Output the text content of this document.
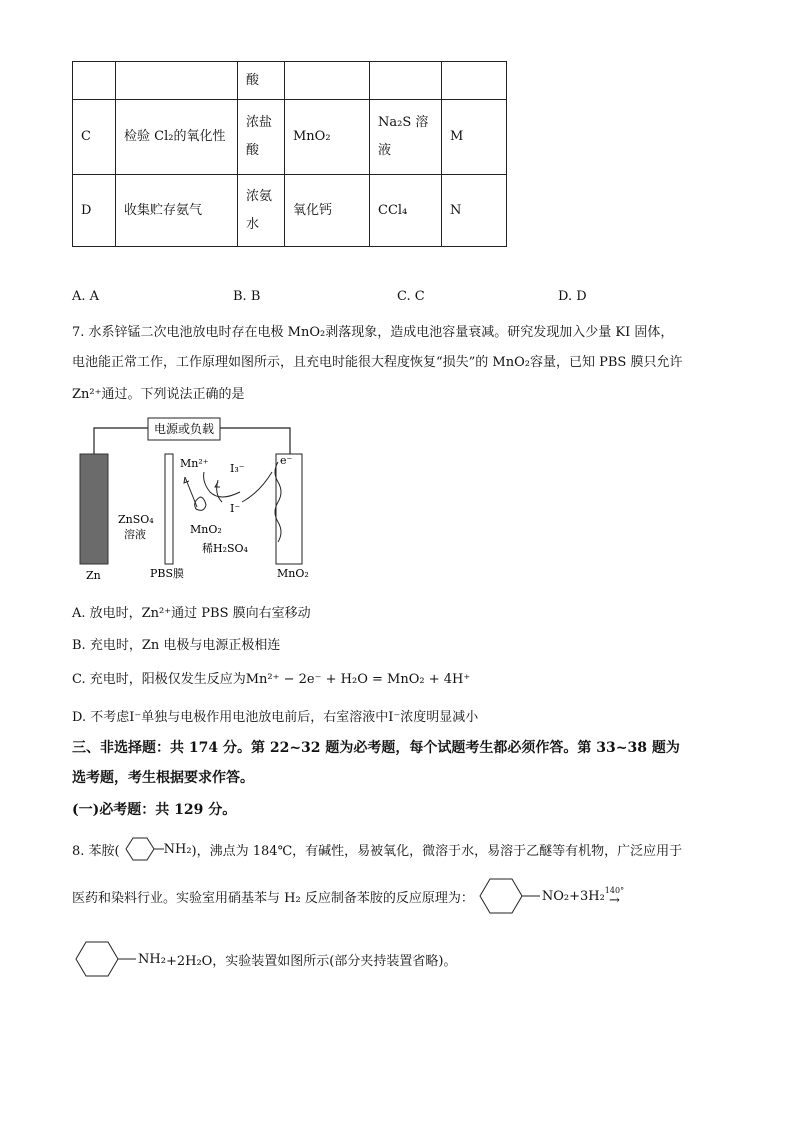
		酸			
C	检验 Cl₂的氧化性	浓盐酸	MnO₂	Na₂S 溶液	M
D	收集贮存氨气	浓氨水	氧化钙	CCl₄	N
A. A	B. B	C. C	D. D
7. 水系锌锰二次电池放电时存在电极 MnO₂剥落现象，造成电池容量衰减。研究发现加入少量 KI 固体，
电池能正常工作，工作原理如图所示，且充电时能很大程度恢复“损失”的 MnO₂容量，已知 PBS 膜只允许
Zn²⁺通过。下列说法正确的是
电源或负载
Zn
ZnSO₄
溶液
PBS膜	MnO₂
Mn²⁺ I₃⁻
I⁻
MnO₂
稀H₂SO₄
e⁻
A. 放电时，Zn²⁺通过 PBS 膜向右室移动
B. 充电时，Zn 电极与电源正极相连
C. 充电时，阳极仅发生反应为Mn²⁺ − 2e⁻ + H₂O = MnO₂ + 4H⁺
D. 不考虑I⁻单独与电极作用电池放电前后，右室溶液中I⁻浓度明显减小
三、非选择题：共 174 分。第 22~32 题为必考题，每个试题考生都必须作答。第 33~38 题为
选考题，考生根据要求作答。
(一)必考题：共 129 分。
8. 苯胺(	NH₂ )，沸点为 184℃，有碱性，易被氧化，微溶于水，易溶于乙醚等有机物，广泛应用于
医药和染料行业。实验室用硝基苯与 H₂ 反应制备苯胺的反应原理为：	NO₂ +3H₂ 140°
→
NH₂ +2H₂O，实验装置如图所示(部分夹持装置省略)。
